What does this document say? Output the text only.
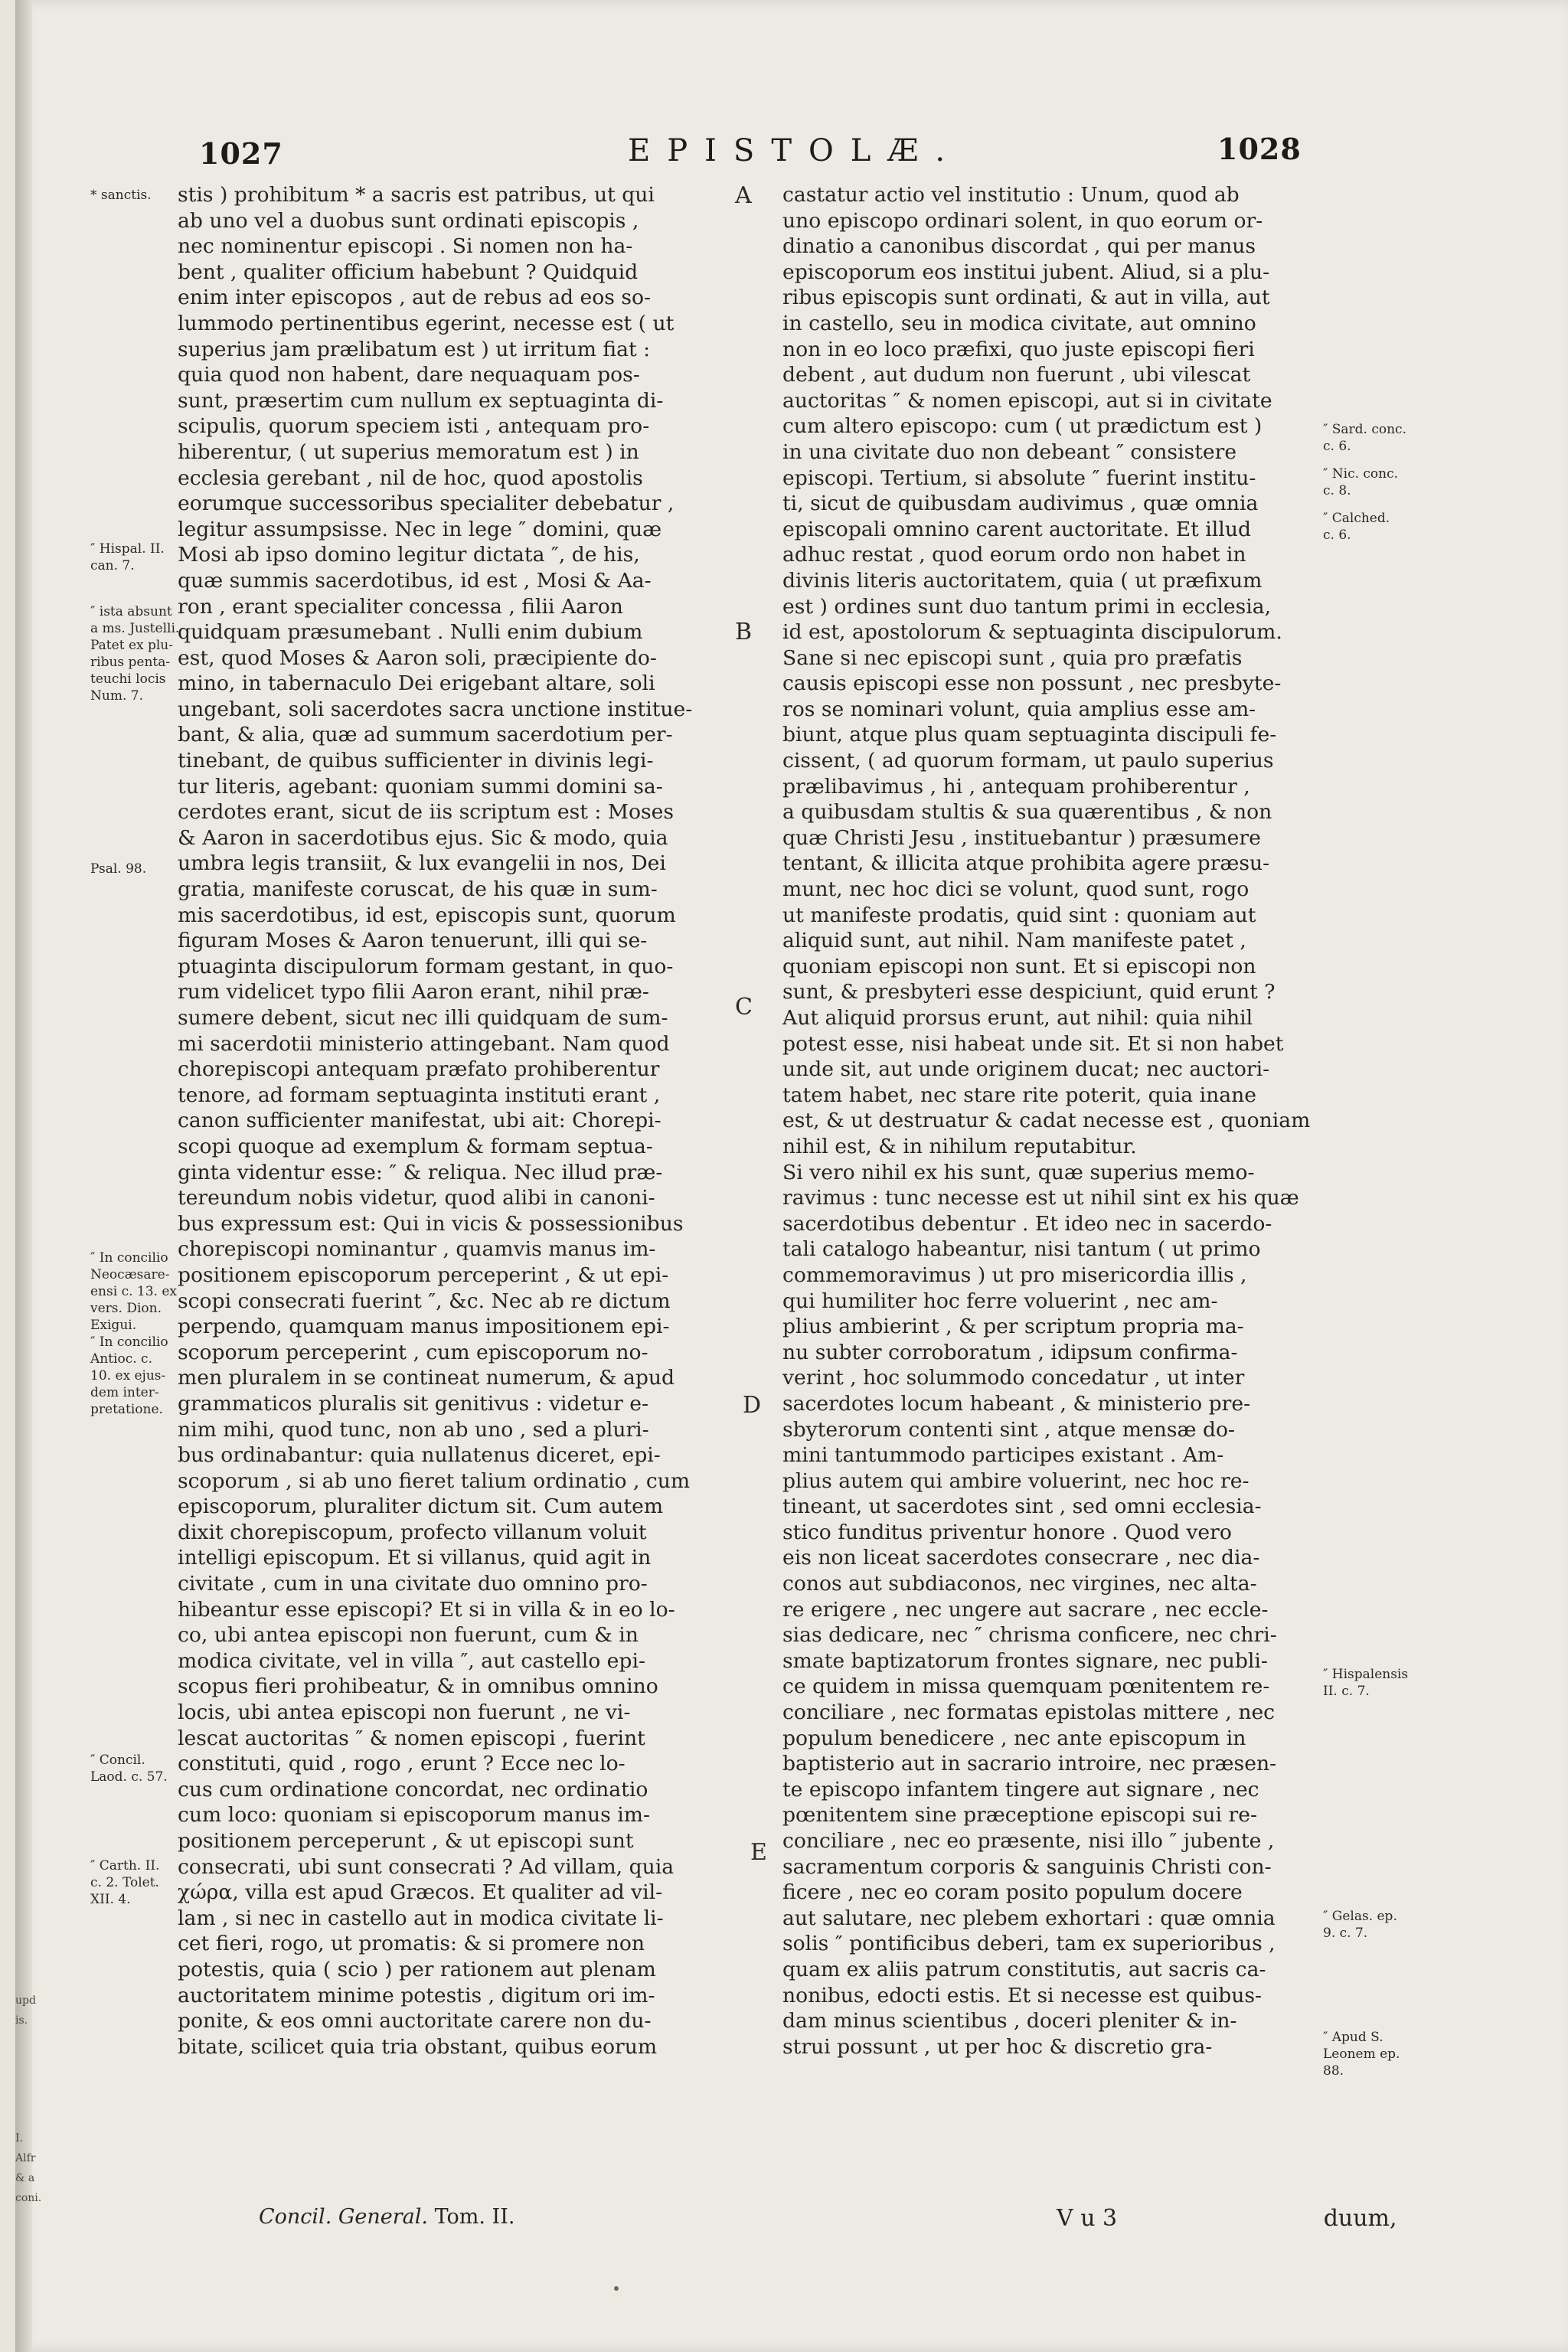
upd
is.
I.
Alfr
& a
coni.
1027	EPISTOLÆ.	1028

stis ) prohibitum * a sacris est patribus, ut qui

ab uno vel a duobus sunt ordinati episcopis ,

nec nominentur episcopi . Si nomen non ha-

bent , qualiter officium habebunt ? Quidquid

enim inter episcopos , aut de rebus ad eos so-

lummodo pertinentibus egerint, necesse est ( ut

superius jam prælibatum est ) ut irritum fiat :

quia quod non habent, dare nequaquam pos-

sunt, præsertim cum nullum ex septuaginta di-

scipulis, quorum speciem isti , antequam pro-

hiberentur, ( ut superius memoratum est ) in

ecclesia gerebant , nil de hoc, quod apostolis

eorumque successoribus specialiter debebatur ,

legitur assumpsisse. Nec in lege ″ domini, quæ

Mosi ab ipso domino legitur dictata ″, de his,

quæ summis sacerdotibus, id est , Mosi & Aa-

ron , erant specialiter concessa , filii Aaron

quidquam præsumebant . Nulli enim dubium

est, quod Moses & Aaron soli, præcipiente do-

mino, in tabernaculo Dei erigebant altare, soli

ungebant, soli sacerdotes sacra unctione instituе-

bant, & alia, quæ ad summum sacerdotium per-

tinebant, de quibus sufficienter in divinis legi-

tur literis, agebant: quoniam summi domini sa-

cerdotes erant, sicut de iis scriptum est : Moses

& Aaron in sacerdotibus ejus. Sic & modo, quia

umbra legis transiit, & lux evangelii in nos, Dei

gratia, manifeste coruscat, de his quæ in sum-

mis sacerdotibus, id est, episcopis sunt, quorum

figuram Moses & Aaron tenuerunt, illi qui se-

ptuaginta discipulorum formam gestant, in quo-

rum videlicet typo filii Aaron erant, nihil præ-

sumere debent, sicut nec illi quidquam de sum-

mi sacerdotii ministerio attingebant. Nam quod

chorepiscopi antequam præfato prohiberentur

tenore, ad formam septuaginta instituti erant ,

canon sufficienter manifestat, ubi ait: Chorepi-

scopi quoque ad exemplum & formam septua-

ginta videntur esse: ″ & reliqua. Nec illud præ-

tereundum nobis videtur, quod alibi in canoni-

bus expressum est: Qui in vicis & possessionibus

chorepiscopi nominantur , quamvis manus im-

positionem episcoporum perceperint , & ut epi-

scopi consecrati fuerint ″, &c. Nec ab re dictum

perpendo, quamquam manus impositionem epi-

scoporum perceperint , cum episcoporum no-

men pluralem in se contineat numerum, & apud

grammaticos pluralis sit genitivus : videtur e-

nim mihi, quod tunc, non ab uno , sed a pluri-

bus ordinabantur: quia nullatenus diceret, epi-

scoporum , si ab uno fieret talium ordinatio , cum

episcoporum, pluraliter dictum sit. Cum autem

dixit chorepiscopum, profecto villanum voluit

intelligi episcopum. Et si villanus, quid agit in

civitate , cum in una civitate duo omnino pro-

hibeantur esse episcopi? Et si in villa & in eo lo-

co, ubi antea episcopi non fuerunt, cum & in

modica civitate, vel in villa ″, aut castello epi-

scopus fieri prohibeatur, & in omnibus omnino

locis, ubi antea episcopi non fuerunt , ne vi-

lescat auctoritas ″ & nomen episcopi , fuerint

constituti, quid , rogo , erunt ? Ecce nec lo-

cus cum ordinatione concordat, nec ordinatio

cum loco: quoniam si episcoporum manus im-

positionem perceperunt , & ut episcopi sunt

consecrati, ubi sunt consecrati ? Ad villam, quia

χώρα, villa est apud Græcos. Et qualiter ad vil-

lam , si nec in castello aut in modica civitate li-

cet fieri, rogo, ut promatis: & si promere non

potestis, quia ( scio ) per rationem aut plenam

auctoritatem minime potestis , digitum ori im-

ponite, & eos omni auctoritate carere non du-

bitate, scilicet quia tria obstant, quibus eorum

castatur actio vel institutio : Unum, quod ab

uno episcopo ordinari solent, in quo eorum or-

dinatio a canonibus discordat , qui per manus

episcoporum eos institui jubent. Aliud, si a plu-

ribus episcopis sunt ordinati, & aut in villa, aut

in castello, seu in modica civitate, aut omnino

non in eo loco præfixi, quo juste episcopi fieri

debent , aut dudum non fuerunt , ubi vilescat

auctoritas ″ & nomen episcopi, aut si in civitate

cum altero episcopo: cum ( ut prædictum est )

in una civitate duo non debeant ″ consistere

episcopi. Tertium, si absolute ″ fuerint institu-

ti, sicut de quibusdam audivimus , quæ omnia

episcopali omnino carent auctoritate. Et illud

adhuc restat , quod eorum ordo non habet in

divinis literis auctoritatem, quia ( ut præfixum

est ) ordines sunt duo tantum primi in ecclesia,

id est, apostolorum & septuaginta discipulorum.

Sane si nec episcopi sunt , quia pro præfatis

causis episcopi esse non possunt , nec presbyte-

ros se nominari volunt, quia amplius esse am-

biunt, atque plus quam septuaginta discipuli fe-

cissent, ( ad quorum formam, ut paulo superius

prælibavimus , hi , antequam prohiberentur ,

a quibusdam stultis & sua quærentibus , & non

quæ Christi Jesu , instituebantur ) præsumere

tentant, & illicita atque prohibita agere præsu-

munt, nec hoc dici se volunt, quod sunt, rogo

ut manifeste prodatis, quid sint : quoniam aut

aliquid sunt, aut nihil. Nam manifeste patet ,

quoniam episcopi non sunt. Et si episcopi non

sunt, & presbyteri esse despiciunt, quid erunt ?

Aut aliquid prorsus erunt, aut nihil: quia nihil

potest esse, nisi habeat unde sit. Et si non habet

unde sit, aut unde originem ducat; nec auctori-

tatem habet, nec stare rite poterit, quia inane

est, & ut destruatur & cadat necesse est , quoniam

nihil est, & in nihilum reputabitur.

Si vero nihil ex his sunt, quæ superius memo-

ravimus : tunc necesse est ut nihil sint ex his quæ

sacerdotibus debentur . Et ideo nec in sacerdo-

tali catalogo habeantur, nisi tantum ( ut primo

commemoravimus ) ut pro misericordia illis ,

qui humiliter hoc ferre voluerint , nec am-

plius ambierint , & per scriptum propria ma-

nu subter corroboratum , idipsum confirma-

verint , hoc solummodo concedatur , ut inter

sacerdotes locum habeant , & ministerio pre-

sbyterorum contenti sint , atque mensæ do-

mini tantummodo participes existant . Am-

plius autem qui ambire voluerint, nec hoc re-

tineant, ut sacerdotes sint , sed omni ecclesia-

stico funditus priventur honore . Quod vero

eis non liceat sacerdotes consecrare , nec dia-

conos aut subdiaconos, nec virgines, nec alta-

re erigere , nec ungere aut sacrare , nec eccle-

sias dedicare, nec ″ chrisma conficere, nec chri-

smate baptizatorum frontes signare, nec publi-

ce quidem in missa quemquam pœnitentem re-

conciliare , nec formatas epistolas mittere , nec

populum benedicere , nec ante episcopum in

baptisterio aut in sacrario introire, nec præsen-

te episcopo infantem tingere aut signare , nec

pœnitentem sine præceptione episcopi sui re-

conciliare , nec eo præsente, nisi illo ″ jubente ,

sacramentum corporis & sanguinis Christi con-

ficere , nec eo coram posito populum docere

aut salutare, nec plebem exhortari : quæ omnia

solis ″ pontificibus deberi, tam ex superioribus ,

quam ex aliis patrum constitutis, aut sacris ca-

nonibus, edocti estis. Et si necesse est quibus-

dam minus scientibus , doceri pleniter & in-

strui possunt , ut per hoc & discretio gra-

* sanctis.
″ Hispal. II.
can. 7.
″ ista absunt
a ms. Justelli.
Patet ex plu-
ribus penta-
teuchi locis
Num. 7.
Psal. 98.
″ In concilio
Neocæsare-
ensi c. 13. ex
vers. Dion.
Exigui.
″ In concilio
Antioc. c.
10. ex ejus-
dem inter-
pretatione.
″ Concil.
Laod. c. 57.
″ Carth. II.
c. 2. Tolet.
XII. 4.
″ Sard. conc.
c. 6.
″ Nic. conc.
c. 8.
″ Calched.
c. 6.
″ Hispalensis
II. c. 7.
″ Gelas. ep.
9. c. 7.
″ Apud S.
Leonem ep.
88.
A
B
C
D
E
Concil. General. Tom. II.	V u 3	duum,
